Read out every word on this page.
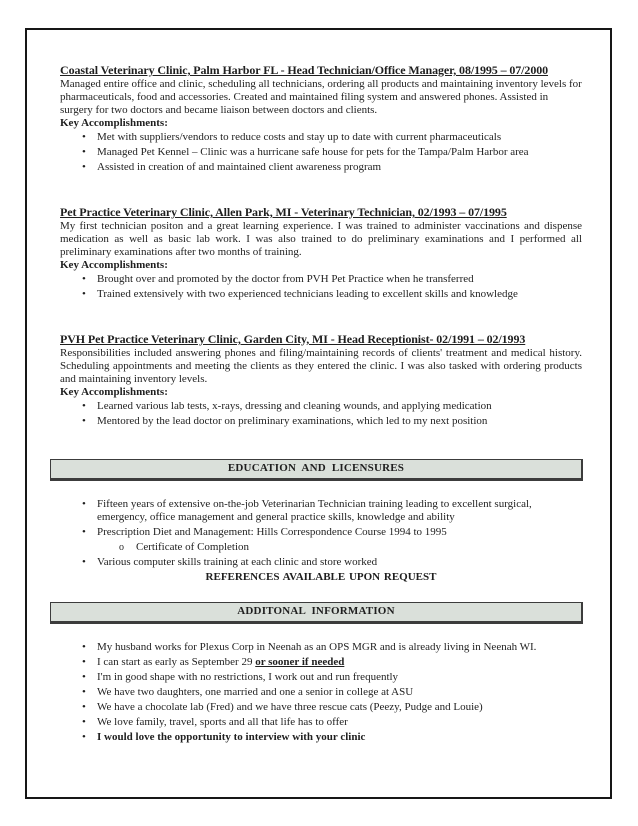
Coastal Veterinary Clinic, Palm Harbor FL - Head Technician/Office Manager, 08/1995 – 07/2000

Managed entire office and clinic, scheduling all technicians, ordering all products and maintaining inventory levels for pharmaceuticals, food and accessories. Created and maintained filing system and answered phones. Assisted in surgery for two doctors and became liaison between doctors and clients.

Key Accomplishments:
•	Met with suppliers/vendors to reduce costs and stay up to date with current pharmaceuticals
•	Managed Pet Kennel – Clinic was a hurricane safe house for pets for the Tampa/Palm Harbor area
•	Assisted in creation of and maintained client awareness program
Pet Practice Veterinary Clinic, Allen Park, MI - Veterinary Technician, 02/1993 – 07/1995

My first technician positon and a great learning experience. I was trained to administer vaccinations and dispense medication as well as basic lab work. I was also trained to do preliminary examinations and I performed all preliminary examinations after two months of training.

Key Accomplishments:
•	Brought over and promoted by the doctor from PVH Pet Practice when he transferred
•	Trained extensively with two experienced technicians leading to excellent skills and knowledge
PVH Pet Practice Veterinary Clinic, Garden City, MI - Head Receptionist- 02/1991 – 02/1993

Responsibilities included answering phones and filing/maintaining records of clients' treatment and medical history. Scheduling appointments and meeting the clients as they entered the clinic. I was also tasked with ordering products and maintaining inventory levels.

Key Accomplishments:
•	Learned various lab tests, x-rays, dressing and cleaning wounds, and applying medication
•	Mentored by the lead doctor on preliminary examinations, which led to my next position
EDUCATION AND LICENSURES
•	Fifteen years of extensive on-the-job Veterinarian Technician training leading to excellent surgical, emergency, office management and general practice skills, knowledge and ability
•	Prescription Diet and Management: Hills Correspondence Course 1994 to 1995
o	Certificate of Completion
•	Various computer skills training at each clinic and store worked
REFERENCES AVAILABLE UPON REQUEST
ADDITONAL INFORMATION
•	My husband works for Plexus Corp in Neenah as an OPS MGR and is already living in Neenah WI.
•	I can start as early as September 29 or sooner if needed
•	I'm in good shape with no restrictions, I work out and run frequently
•	We have two daughters, one married and one a senior in college at ASU
•	We have a chocolate lab (Fred) and we have three rescue cats (Peezy, Pudge and Louie)
•	We love family, travel, sports and all that life has to offer
•	I would love the opportunity to interview with your clinic
